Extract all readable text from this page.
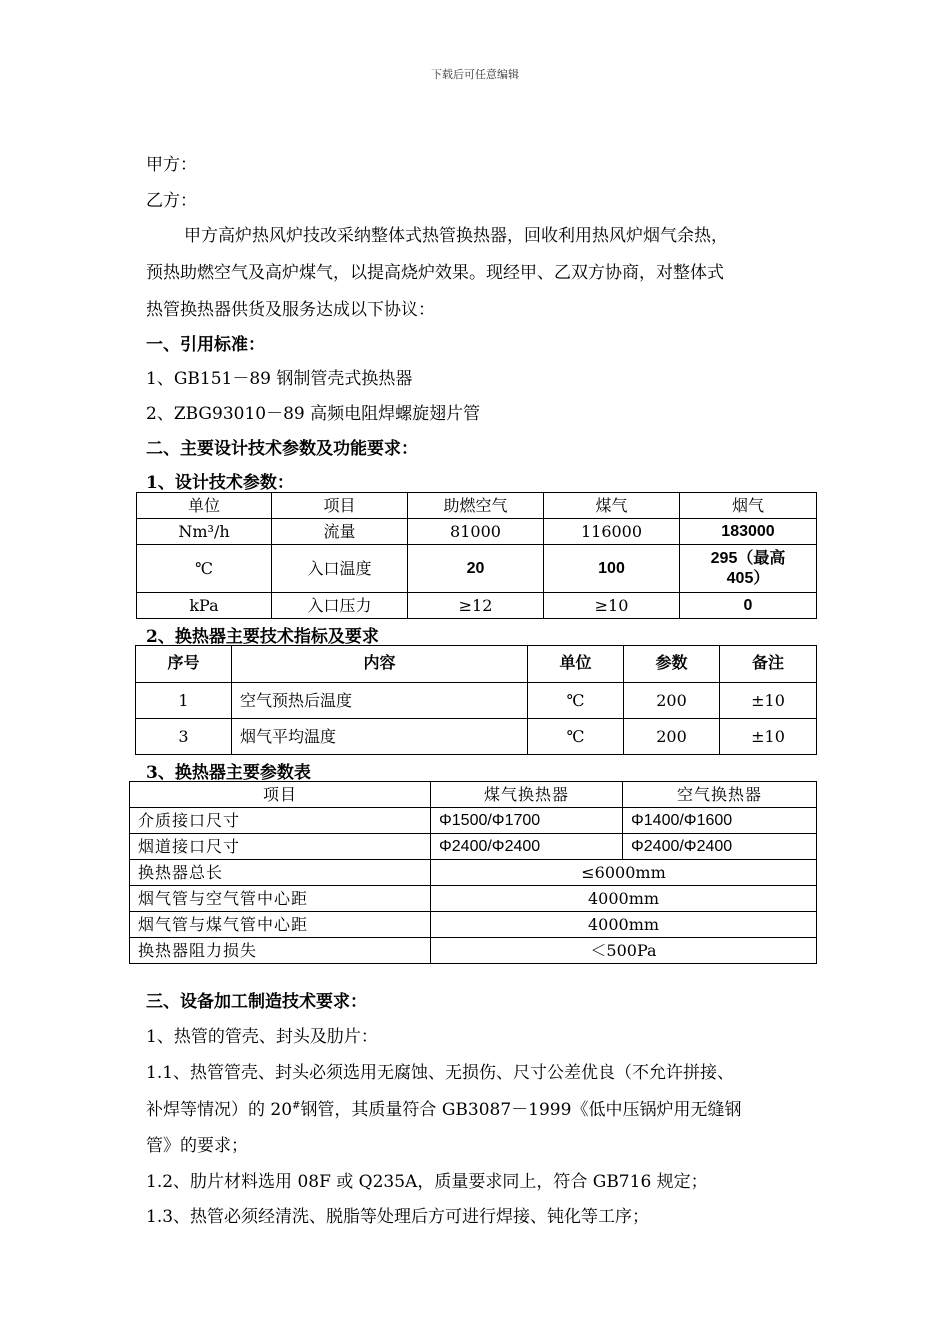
下载后可任意编辑
甲方：
乙方：
甲方高炉热风炉技改采纳整体式热管换热器，回收利用热风炉烟气余热，
预热助燃空气及高炉煤气，以提高烧炉效果。现经甲、乙双方协商，对整体式
热管换热器供货及服务达成以下协议：
一、引用标准：
1、GB151－89 钢制管壳式换热器
2、ZBG93010－89 高频电阻焊螺旋翅片管
二、主要设计技术参数及功能要求：
1、设计技术参数：
单位	项目	助燃空气	煤气	烟气
Nm³/h	流量	81000	116000	183000
℃	入口温度	20	100	295（最高405）
kPa	入口压力	≥12	≥10	0
2、换热器主要技术指标及要求
序号	内容	单位	参数	备注
1	空气预热后温度	℃	200	±10
3	烟气平均温度	℃	200	±10
3、换热器主要参数表
项目	煤气换热器	空气换热器
介质接口尺寸	Φ1500/Φ1700	Φ1400/Φ1600
烟道接口尺寸	Φ2400/Φ2400	Φ2400/Φ2400
换热器总长	≤6000mm	
烟气管与空气管中心距	4000mm	
烟气管与煤气管中心距	4000mm	
换热器阻力损失	＜500Pa	
三、设备加工制造技术要求：
1、热管的管壳、封头及肋片：
1.1、热管管壳、封头必须选用无腐蚀、无损伤、尺寸公差优良（不允许拼接、
补焊等情况）的 20#钢管，其质量符合 GB3087－1999《低中压锅炉用无缝钢
管》的要求；
1.2、肋片材料选用 08F 或 Q235A，质量要求同上，符合 GB716 规定；
1.3、热管必须经清洗、脱脂等处理后方可进行焊接、钝化等工序；
